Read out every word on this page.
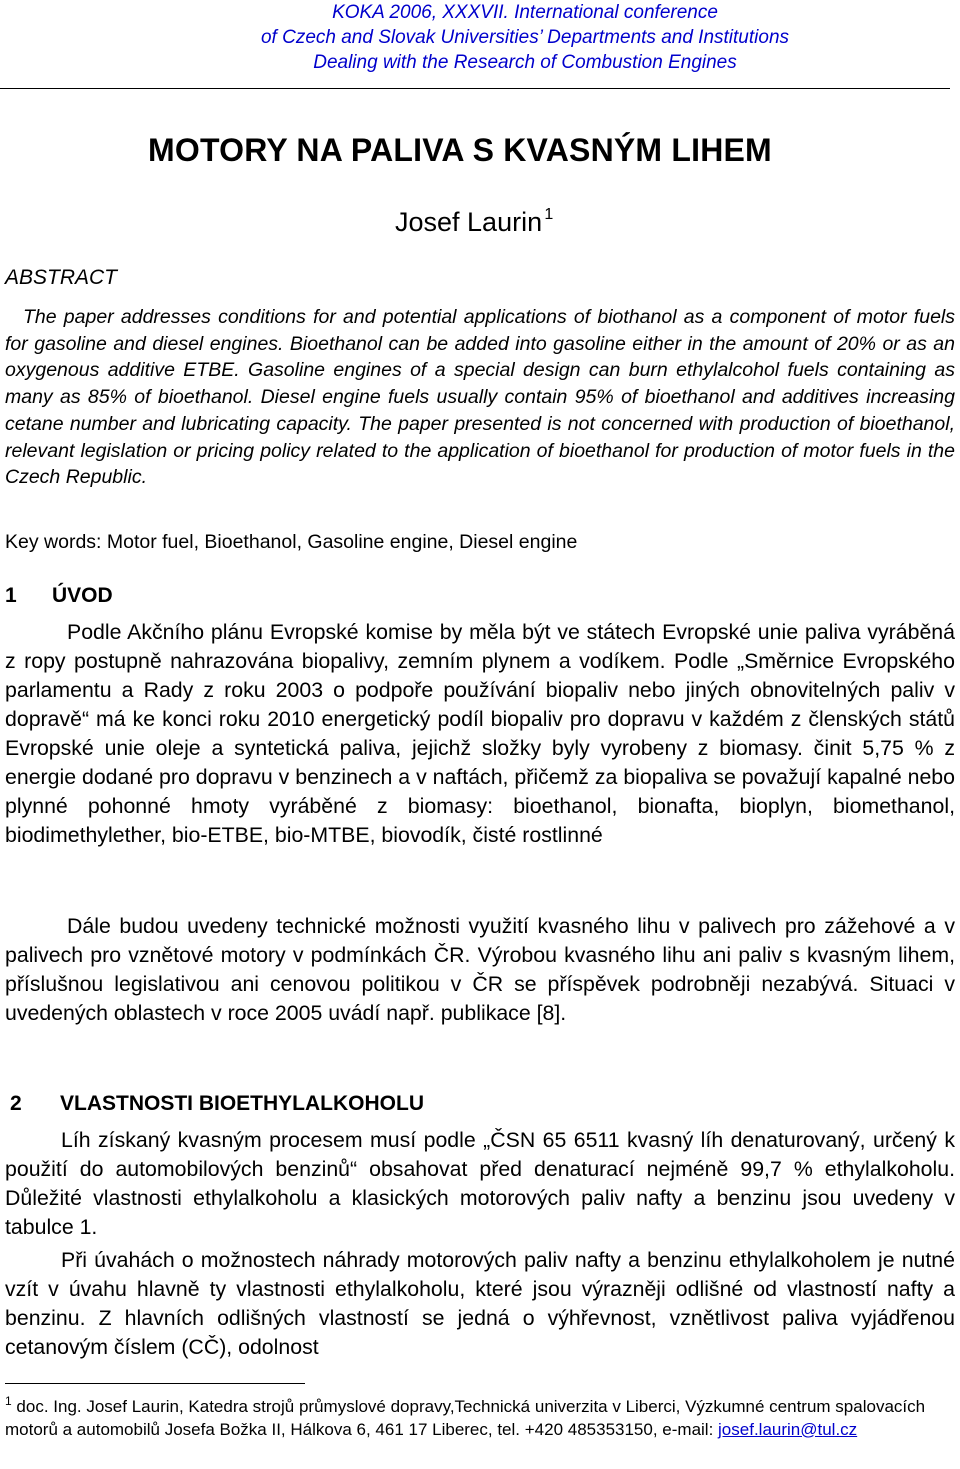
KOKA 2006, XXXVII. International conference
of Czech and Slovak Universities’ Departments and Institutions
Dealing with the Research of Combustion Engines
MOTORY NA PALIVA S KVASNÝM LIHEM
Josef Laurin  $^1$
ABSTRACT
The paper addresses conditions for and potential applications of biothanol as a component of motor fuels for gasoline and diesel engines. Bioethanol can be added into gasoline either in the amount of 20% or as an oxygenous additive ETBE. Gasoline engines of a special design can burn ethylalcohol fuels containing as many as 85% of bioethanol. Diesel engine fuels usually contain 95% of bioethanol and additives increasing cetane number and lubricating capacity. The paper presented is not concerned with production of bioethanol, relevant legislation or pricing policy related to the application of bioethanol for production of motor fuels in the Czech Republic.
Key words: Motor fuel, Bioethanol, Gasoline engine, Diesel engine
1 ÚVOD
Podle Akčního plánu Evropské komise by měla být ve státech Evropské unie paliva vyráběná z ropy postupně nahrazována biopalivy, zemním plynem a vodíkem. Podle „Směrnice Evropského parlamentu a Rady z roku 2003 o podpoře používání biopaliv nebo jiných obnovitelných paliv v dopravě“ má ke konci roku 2010 energetický podíl biopaliv pro dopravu v každém z členských států Evropské unie oleje a syntetická paliva, jejichž složky byly vyrobeny z biomasy. činit 5,75 % z energie dodané pro dopravu v benzinech a v naftách, přičemž za biopaliva se považují kapalné nebo plynné pohonné hmoty vyráběné z biomasy: bioethanol, bionafta, bioplyn, biomethanol, biodimethylether, bio-ETBE, bio-MTBE, biovodík, čisté rostlinné
Dále budou uvedeny technické možnosti využití kvasného lihu v palivech pro zážehové a v palivech pro vznětové motory v podmínkách ČR. Výrobou kvasného lihu ani paliv s kvasným lihem, příslušnou legislativou ani cenovou politikou v ČR se příspěvek podrobněji nezabývá. Situaci v uvedených oblastech v roce 2005 uvádí např. publikace [8].
2 VLASTNOSTI BIOETHYLALKOHOLU
Líh získaný kvasným procesem musí podle „ČSN 65 6511 kvasný líh denaturovaný, určený k použití do automobilových benzinů“ obsahovat před denaturací nejméně 99,7 % ethylalkoholu. Důležité vlastnosti ethylalkoholu a klasických motorových paliv nafty a benzinu jsou uvedeny v tabulce 1.
Při úvahách o možnostech náhrady motorových paliv nafty a benzinu ethylalkoholem je nutné vzít v úvahu hlavně ty vlastnosti ethylalkoholu, které jsou výrazněji odlišné od vlastností nafty a benzinu. Z hlavních odlišných vlastností se jedná o výhřevnost, vznětlivost paliva vyjádřenou cetanovým číslem (CČ), odolnost
$^1$ doc. Ing. Josef Laurin, Katedra strojů průmyslové dopravy,Technická univerzita v Liberci, Výzkumné centrum spalovacích motorů a automobilů Josefa Božka II, Hálkova 6, 461 17 Liberec, tel. +420 485353150, e-mail: josef.laurin@tul.cz
